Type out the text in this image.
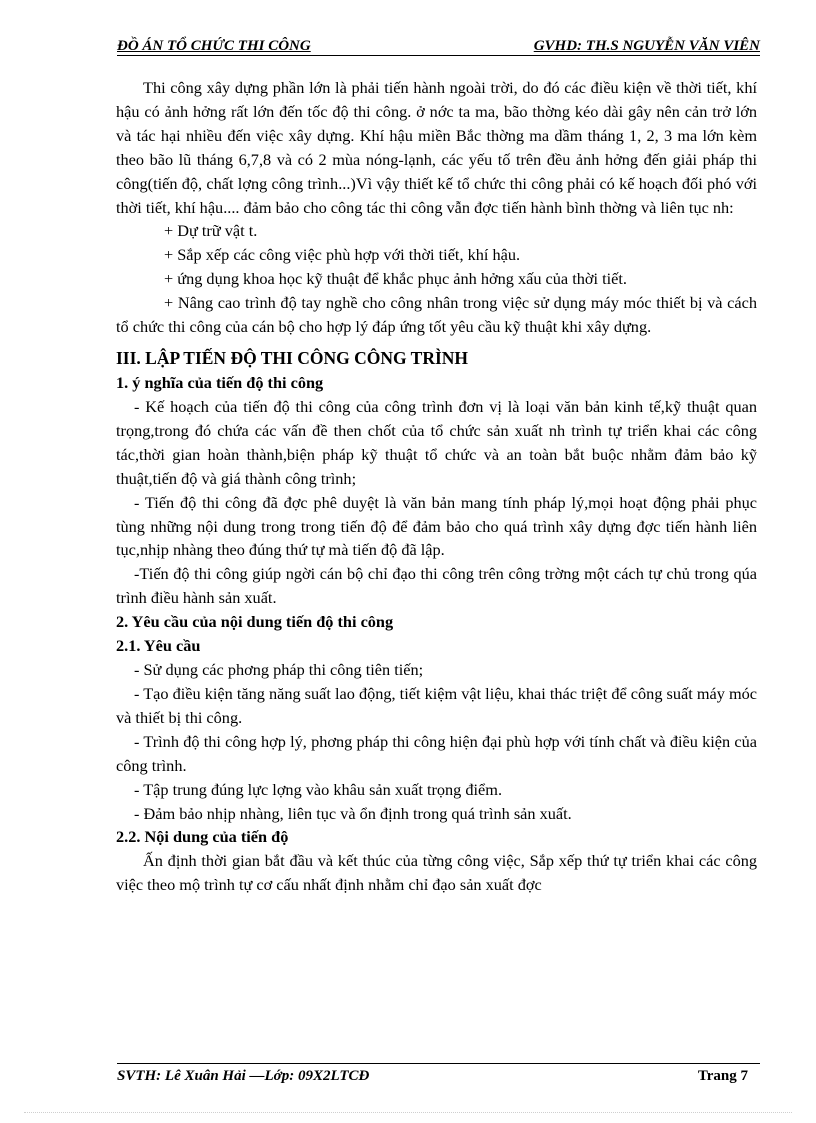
ĐỒ ÁN TỔ CHỨC THI CÔNG	GVHD: TH.S NGUYỄN VĂN VIÊN

Thi công xây dựng phần lớn là phải tiến hành ngoài trời, do đó các điều kiện về thời tiết, khí hậu có ảnh hởng rất lớn đến tốc độ thi công. ở nớc ta ma, bão thờng kéo dài gây nên cản trở lớn và tác hại nhiều đến việc xây dựng. Khí hậu miền Bắc thờng ma dầm tháng 1, 2, 3 ma lớn kèm theo bão lũ tháng 6,7,8 và có 2 mùa nóng-lạnh, các yếu tố trên đều ảnh hởng đến giải pháp thi công(tiến độ, chất lợng công trình...)Vì vậy thiết kế tổ chức thi công phải có kế hoạch đối phó với thời tiết, khí hậu.... đảm bảo cho công tác thi công vẫn đợc tiến hành bình thờng và liên tục nh:

+ Dự trữ vật t.

+ Sắp xếp các công việc phù hợp với thời tiết, khí hậu.

+ ứng dụng khoa học kỹ thuật để khắc phục ảnh hởng xấu của thời tiết.

+ Nâng cao trình độ tay nghề cho công nhân trong việc sử dụng máy móc thiết bị và cách tổ chức thi công của cán bộ cho hợp lý đáp ứng tốt yêu cầu kỹ thuật khi xây dựng.

III. LẬP TIẾN ĐỘ THI CÔNG CÔNG TRÌNH

1. ý nghĩa của tiến độ thi công

- Kế hoạch của tiến độ thi công của công trình đơn vị là loại văn bản kinh tế,kỹ thuật quan trọng,trong đó chứa các vấn đề then chốt của tổ chức sản xuất nh trình tự triển khai các công tác,thời gian hoàn thành,biện pháp kỹ thuật tổ chức và an toàn bắt buộc nhằm đảm bảo kỹ thuật,tiến độ và giá thành công trình;

- Tiến độ thi công đã đợc phê duyệt là văn bản mang tính pháp lý,mọi hoạt động phải phục tùng những nội dung trong trong tiến độ để đảm bảo cho quá trình xây dựng đợc tiến hành liên tục,nhịp nhàng theo đúng thứ tự mà tiến độ đã lập.

-Tiến độ thi công giúp ngời cán bộ chỉ đạo thi công trên công trờng một cách tự chủ trong qúa trình điều hành sản xuất.

2. Yêu cầu của nội dung tiến độ thi công

2.1. Yêu cầu

- Sử dụng các phơng pháp thi công tiên tiến;

- Tạo điều kiện tăng năng suất lao động, tiết kiệm vật liệu, khai thác triệt để công suất máy móc và thiết bị thi công.

- Trình độ thi công hợp lý, phơng pháp thi công hiện đại phù hợp với tính chất và điều kiện của công trình.

- Tập trung đúng lực lợng vào khâu sản xuất trọng điểm.

- Đảm bảo nhịp nhàng, liên tục và ổn định trong quá trình sản xuất.

2.2. Nội dung của tiến độ

Ấn định thời gian bắt đầu và kết thúc của từng công việc, Sắp xếp thứ tự triển khai các công việc theo mộ trình tự cơ cấu nhất định nhằm chỉ đạo sản xuất đợc

SVTH: Lê Xuân Hải —Lớp: 09X2LTCĐ	Trang 7
